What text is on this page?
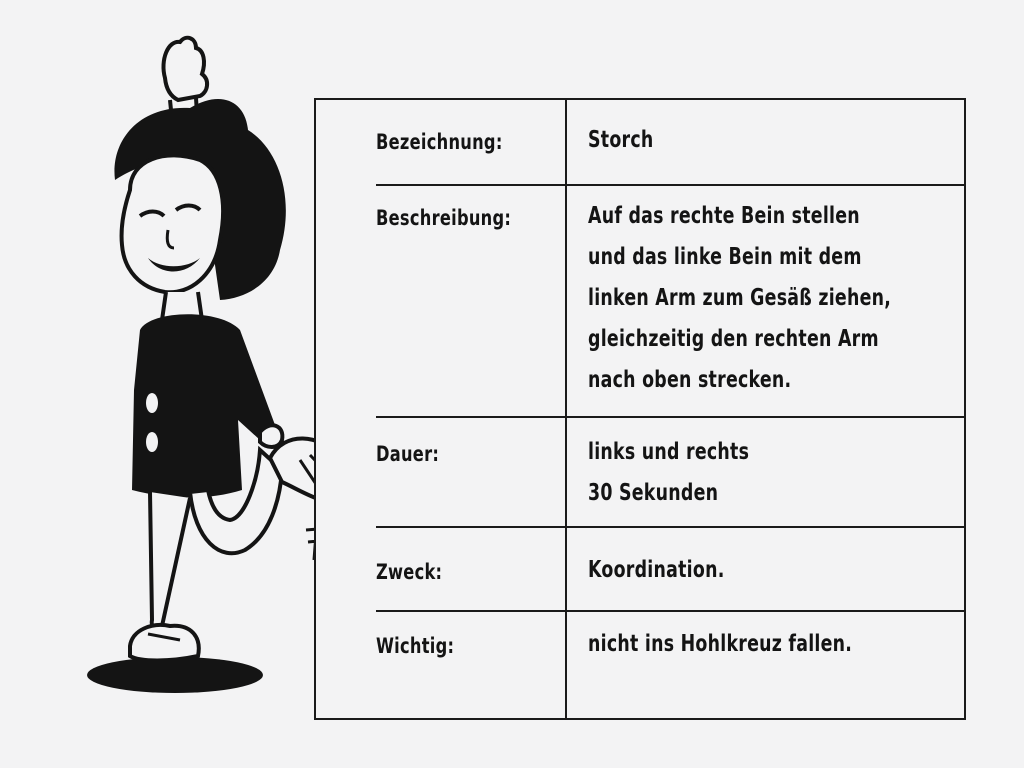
Bezeichnung:	Storch
Beschreibung:	Auf das rechte Bein stellen
und das linke Bein mit dem
linken Arm zum Gesäß ziehen,
gleichzeitig den rechten Arm
nach oben strecken.
Dauer:	links und rechts
30 Sekunden
Zweck:	Koordination.
Wichtig:	nicht ins Hohlkreuz fallen.
